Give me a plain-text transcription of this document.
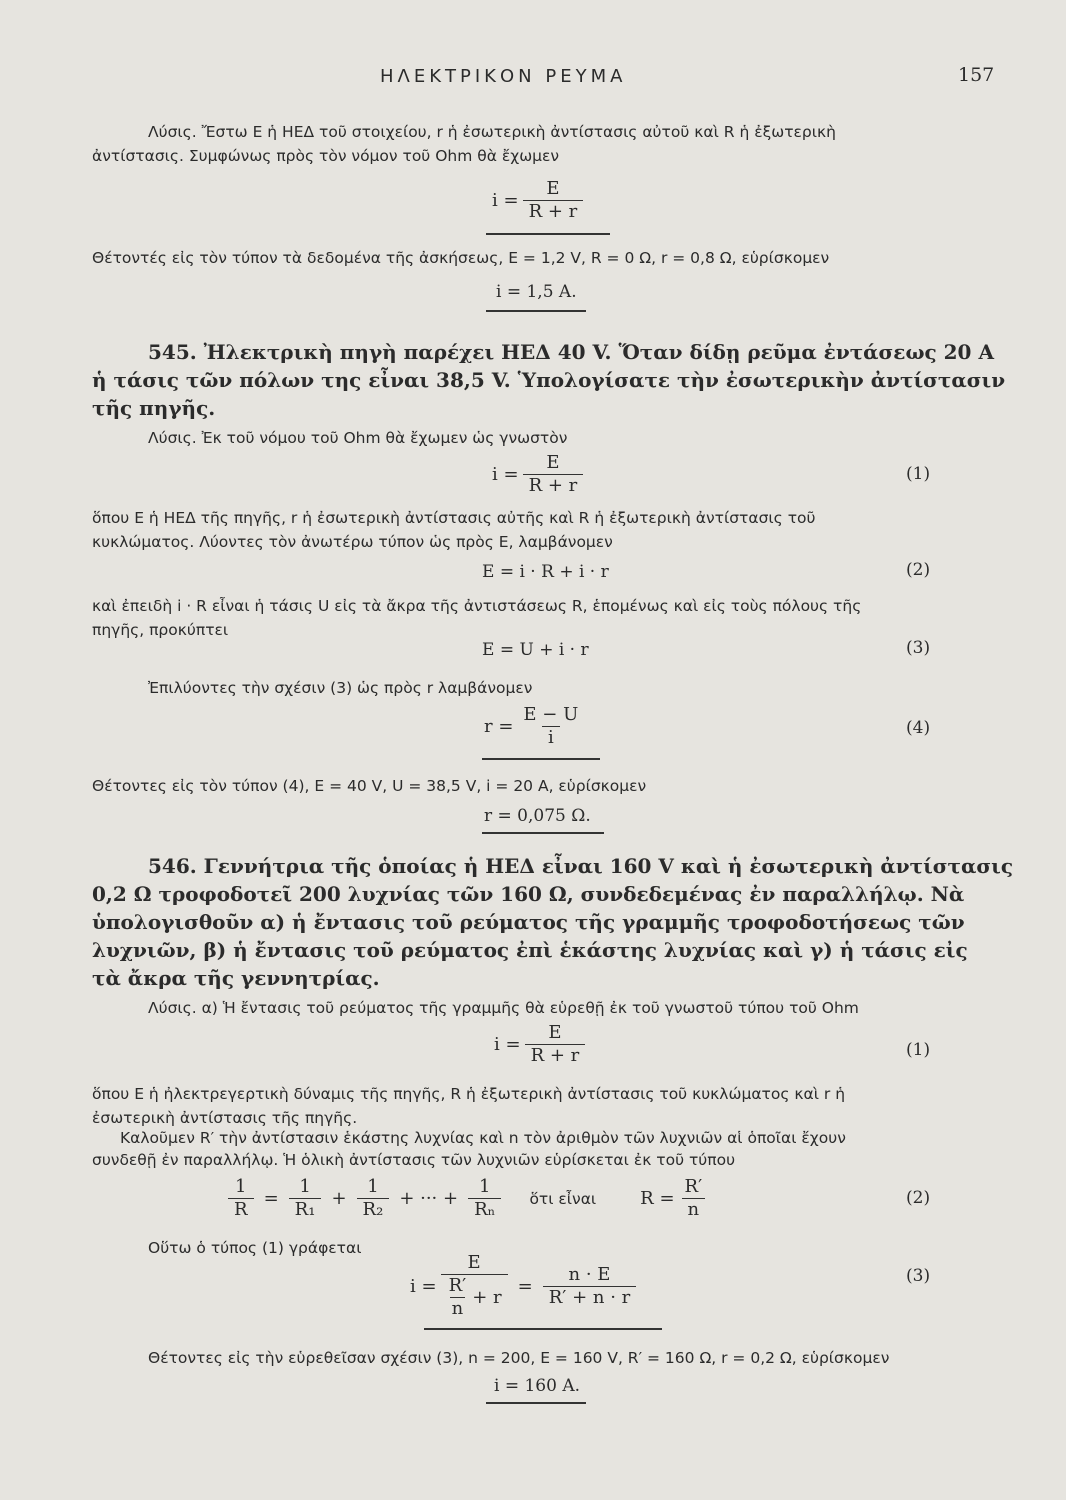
ΗΛΕΚΤΡΙΚΟΝ ΡΕΥΜΑ	157
Λύσις. Ἔστω Ε ἡ ΗΕΔ τοῦ στοιχείου, r ἡ ἐσωτερικὴ ἀντίστασις αὐτοῦ καὶ R ἡ ἐξωτερικὴ
ἀντίστασις. Συμφώνως πρὸς τὸν νόμον τοῦ Ohm θὰ ἔχωμεν
$i = \frac{E}{R + r}$
Θέτοντές εἰς τὸν τύπον τὰ δεδομένα τῆς ἀσκήσεως, E = 1,2 V, R = 0 Ω, r = 0,8 Ω, εὑρίσκομεν
i = 1,5 A.
545. Ἠλεκτρικὴ πηγὴ παρέχει ΗΕΔ 40 V. Ὅταν δίδῃ ρεῦμα ἐντάσεως 20 A
ἡ τάσις τῶν πόλων της εἶναι 38,5 V. Ὑπολογίσατε τὴν ἐσωτερικὴν ἀντίστασιν
τῆς πηγῆς.
Λύσις. Ἐκ τοῦ νόμου τοῦ Ohm θὰ ἔχωμεν ὡς γνωστὸν
$i = \frac{E}{R + r}$	(1)
ὅπου E ἡ ΗΕΔ τῆς πηγῆς, r ἡ ἐσωτερικὴ ἀντίστασις αὐτῆς καὶ R ἡ ἐξωτερικὴ ἀντίστασις τοῦ
κυκλώματος. Λύοντες τὸν ἀνωτέρω τύπον ὡς πρὸς E, λαμβάνομεν
E = i · R + i · r	(2)
καὶ ἐπειδὴ i · R εἶναι ἡ τάσις U εἰς τὰ ἄκρα τῆς ἀντιστάσεως R, ἑπομένως καὶ εἰς τοὺς πόλους τῆς
πηγῆς, προκύπτει
E = U + i · r	(3)
Ἐπιλύοντες τὴν σχέσιν (3) ὡς πρὸς r λαμβάνομεν
$r = \frac{E - U}{i}$	(4)
Θέτοντες εἰς τὸν τύπον (4), E = 40 V, U = 38,5 V, i = 20 A, εὑρίσκομεν
r = 0,075 Ω.
546. Γεννήτρια τῆς ὁποίας ἡ ΗΕΔ εἶναι 160 V καὶ ἡ ἐσωτερικὴ ἀντίστασις
0,2 Ω τροφοδοτεῖ 200 λυχνίας τῶν 160 Ω, συνδεδεμένας ἐν παραλλήλῳ. Νὰ
ὑπολογισθοῦν α) ἡ ἔντασις τοῦ ρεύματος τῆς γραμμῆς τροφοδοτήσεως τῶν
λυχνιῶν, β) ἡ ἔντασις τοῦ ρεύματος ἐπὶ ἑκάστης λυχνίας καὶ γ) ἡ τάσις εἰς
τὰ ἄκρα τῆς γεννητρίας.
Λύσις. α) Ἡ ἔντασις τοῦ ρεύματος τῆς γραμμῆς θὰ εὑρεθῇ ἐκ τοῦ γνωστοῦ τύπου τοῦ Ohm
$i = \frac{E}{R + r}$	(1)
ὅπου E ἡ ἠλεκτρεγερτικὴ δύναμις τῆς πηγῆς, R ἡ ἐξωτερικὴ ἀντίστασις τοῦ κυκλώματος καὶ r ἡ
ἐσωτερικὴ ἀντίστασις τῆς πηγῆς.
Καλοῦμεν R′ τὴν ἀντίστασιν ἑκάστης λυχνίας καὶ n τὸν ἀριθμὸν τῶν λυχνιῶν αἱ ὁποῖαι ἔχουν
συνδεθῇ ἐν παραλλήλῳ. Ἡ ὁλικὴ ἀντίστασις τῶν λυχνιῶν εὑρίσκεται ἐκ τοῦ τύπου
$\frac{1}{R} = \frac{1}{\text{R₁}} + \frac{1}{\text{R₂}}$ + ··· + $\frac{1}{\text{Rₙ}}$ ὅτι εἶναι $R = \frac{R'}{n}$	(2)
Οὕτω ὁ τύπος (1) γράφεται
$i = \frac{E}{\frac{R'}{n} + r} = \frac{n \cdot E}{R' + n \cdot r}$	(3)
Θέτοντες εἰς τὴν εὑρεθεῖσαν σχέσιν (3), n = 200, E = 160 V, R′ = 160 Ω, r = 0,2 Ω, εὑρίσκομεν
i = 160 A.
